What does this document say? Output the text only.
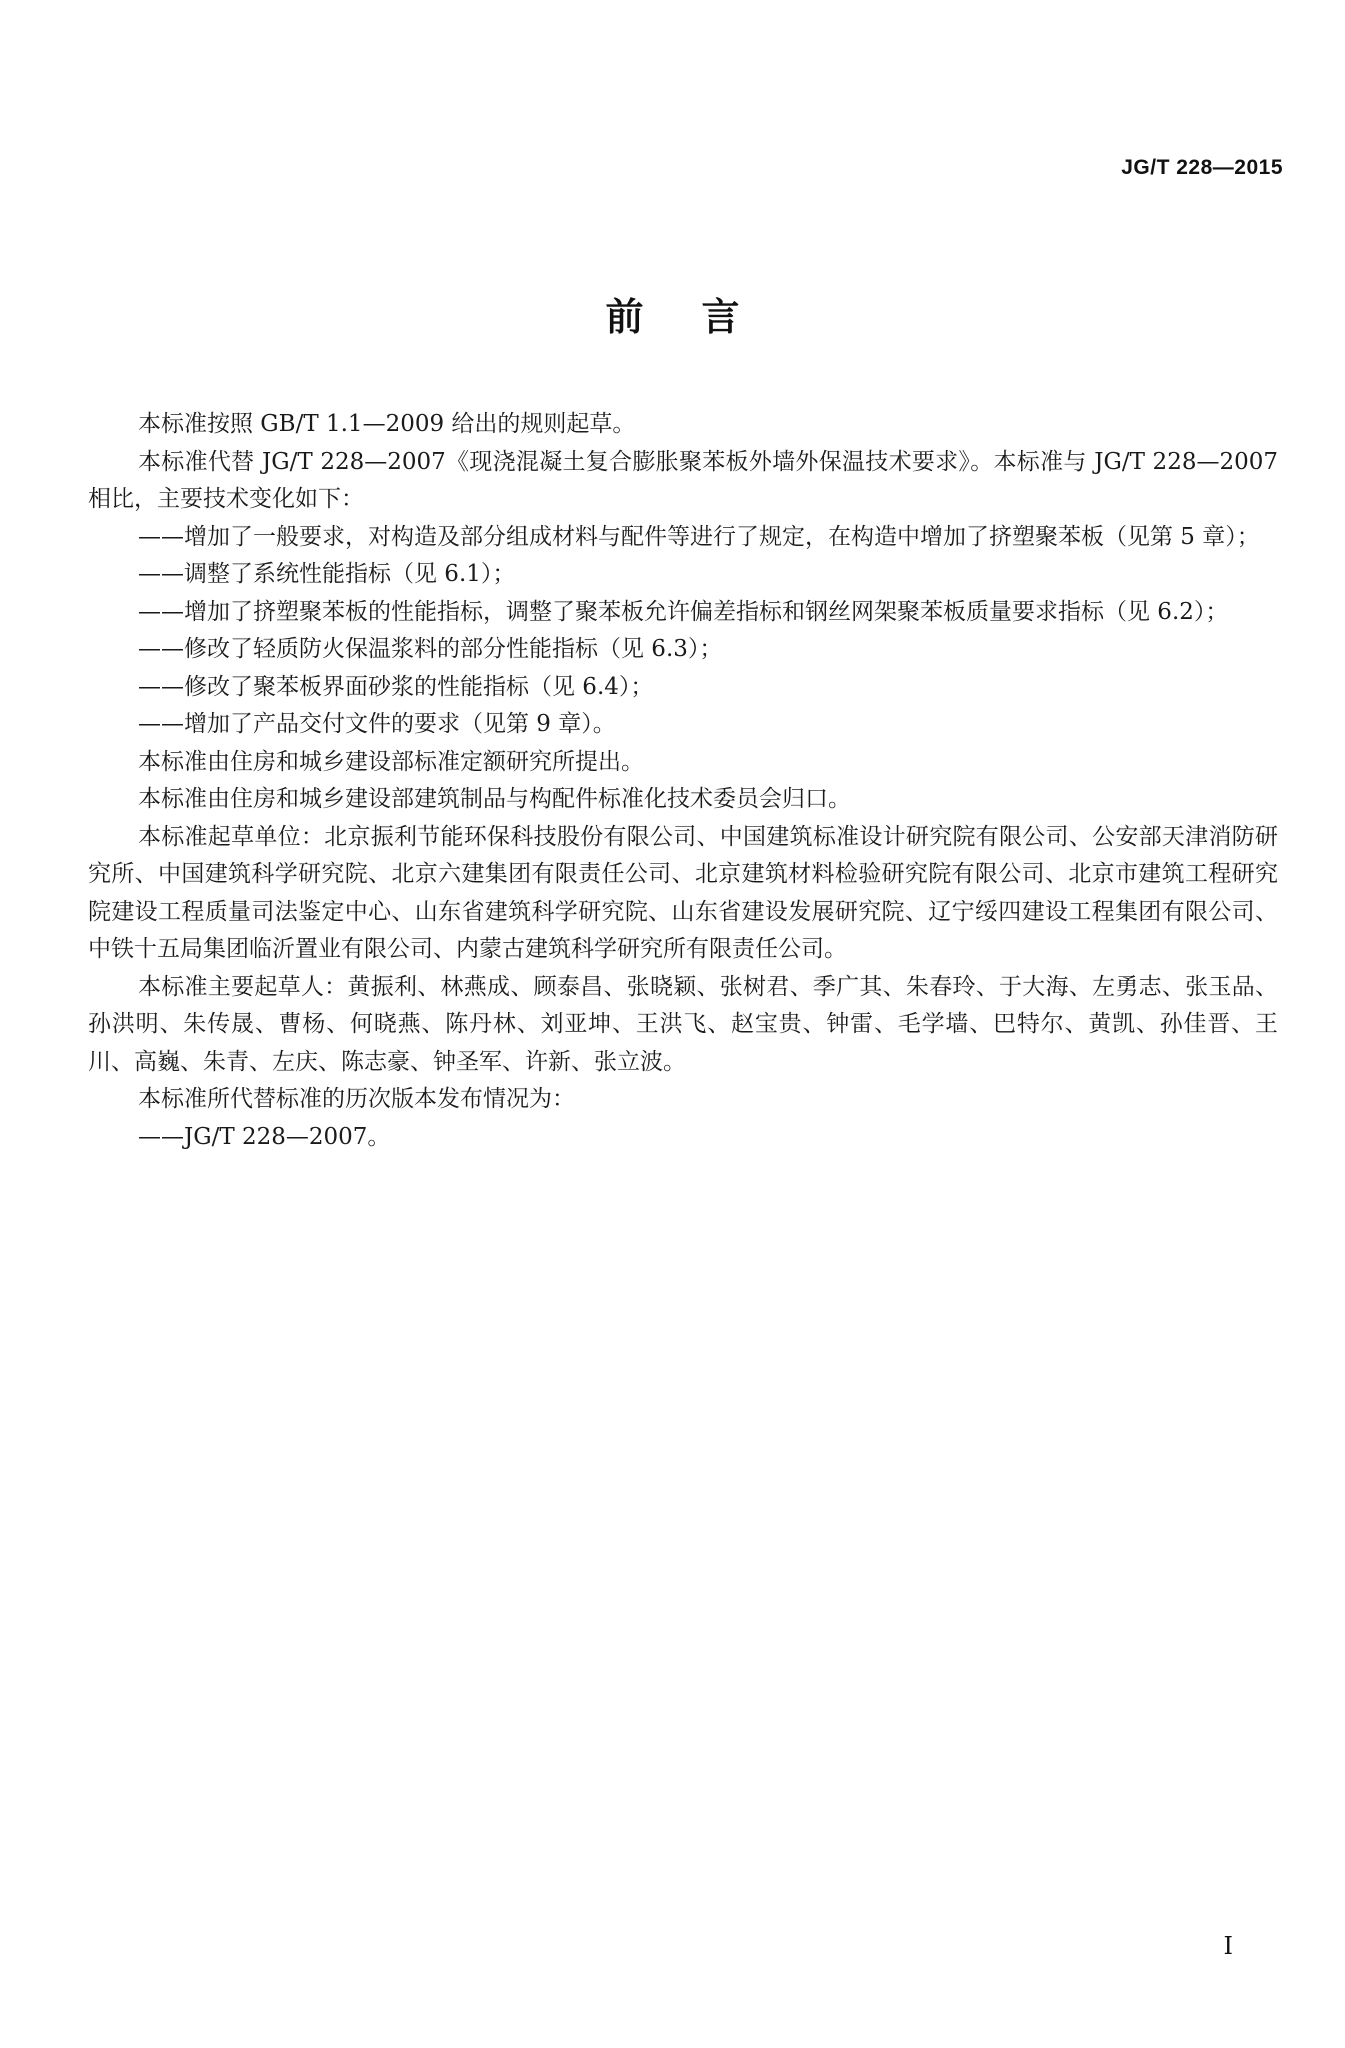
JG/T 228—2015
前言

本标准按照 GB/T 1.1—2009 给出的规则起草。

本标准代替 JG/T 228—2007《现浇混凝土复合膨胀聚苯板外墙外保温技术要求》。本标准与 JG/T 228—2007 相比，主要技术变化如下：

——增加了一般要求，对构造及部分组成材料与配件等进行了规定，在构造中增加了挤塑聚苯板（见第 5 章）；

——调整了系统性能指标（见 6.1）；

——增加了挤塑聚苯板的性能指标，调整了聚苯板允许偏差指标和钢丝网架聚苯板质量要求指标（见 6.2）；

——修改了轻质防火保温浆料的部分性能指标（见 6.3）；

——修改了聚苯板界面砂浆的性能指标（见 6.4）；

——增加了产品交付文件的要求（见第 9 章）。

本标准由住房和城乡建设部标准定额研究所提出。

本标准由住房和城乡建设部建筑制品与构配件标准化技术委员会归口。

本标准起草单位：北京振利节能环保科技股份有限公司、中国建筑标准设计研究院有限公司、公安部天津消防研究所、中国建筑科学研究院、北京六建集团有限责任公司、北京建筑材料检验研究院有限公司、北京市建筑工程研究院建设工程质量司法鉴定中心、山东省建筑科学研究院、山东省建设发展研究院、辽宁绥四建设工程集团有限公司、中铁十五局集团临沂置业有限公司、内蒙古建筑科学研究所有限责任公司。

本标准主要起草人：黄振利、林燕成、顾泰昌、张晓颖、张树君、季广其、朱春玲、于大海、左勇志、张玉品、孙洪明、朱传晟、曹杨、何晓燕、陈丹林、刘亚坤、王洪飞、赵宝贵、钟雷、毛学墙、巴特尔、黄凯、孙佳晋、王川、高巍、朱青、左庆、陈志豪、钟圣军、许新、张立波。

本标准所代替标准的历次版本发布情况为：

——JG/T 228—2007。

I
